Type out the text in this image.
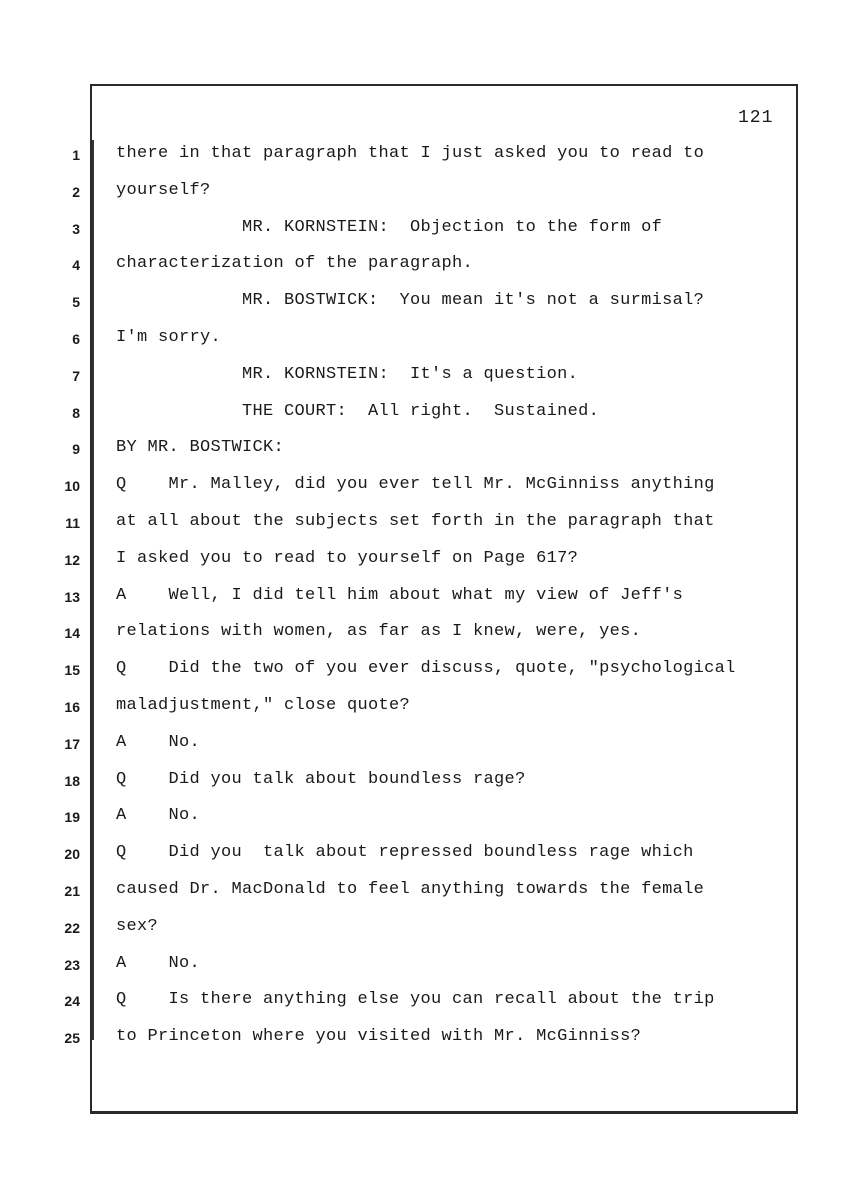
121
1 there in that paragraph that I just asked you to read to
2 yourself?
3 MR. KORNSTEIN:  Objection to the form of
4 characterization of the paragraph.
5 MR. BOSTWICK:  You mean it's not a surmisal?
6 I'm sorry.
7 MR. KORNSTEIN:  It's a question.
8 THE COURT:  All right.  Sustained.
9 BY MR. BOSTWICK:
10 Q    Mr. Malley, did you ever tell Mr. McGinniss anything
11 at all about the subjects set forth in the paragraph that
12 I asked you to read to yourself on Page 617?
13 A    Well, I did tell him about what my view of Jeff's
14 relations with women, as far as I knew, were, yes.
15 Q    Did the two of you ever discuss, quote, "psychological
16 maladjustment," close quote?
17 A    No.
18 Q    Did you talk about boundless rage?
19 A    No.
20 Q    Did you  talk about repressed boundless rage which
21 caused Dr. MacDonald to feel anything towards the female
22 sex?
23 A    No.
24 Q    Is there anything else you can recall about the trip
25 to Princeton where you visited with Mr. McGinniss?
